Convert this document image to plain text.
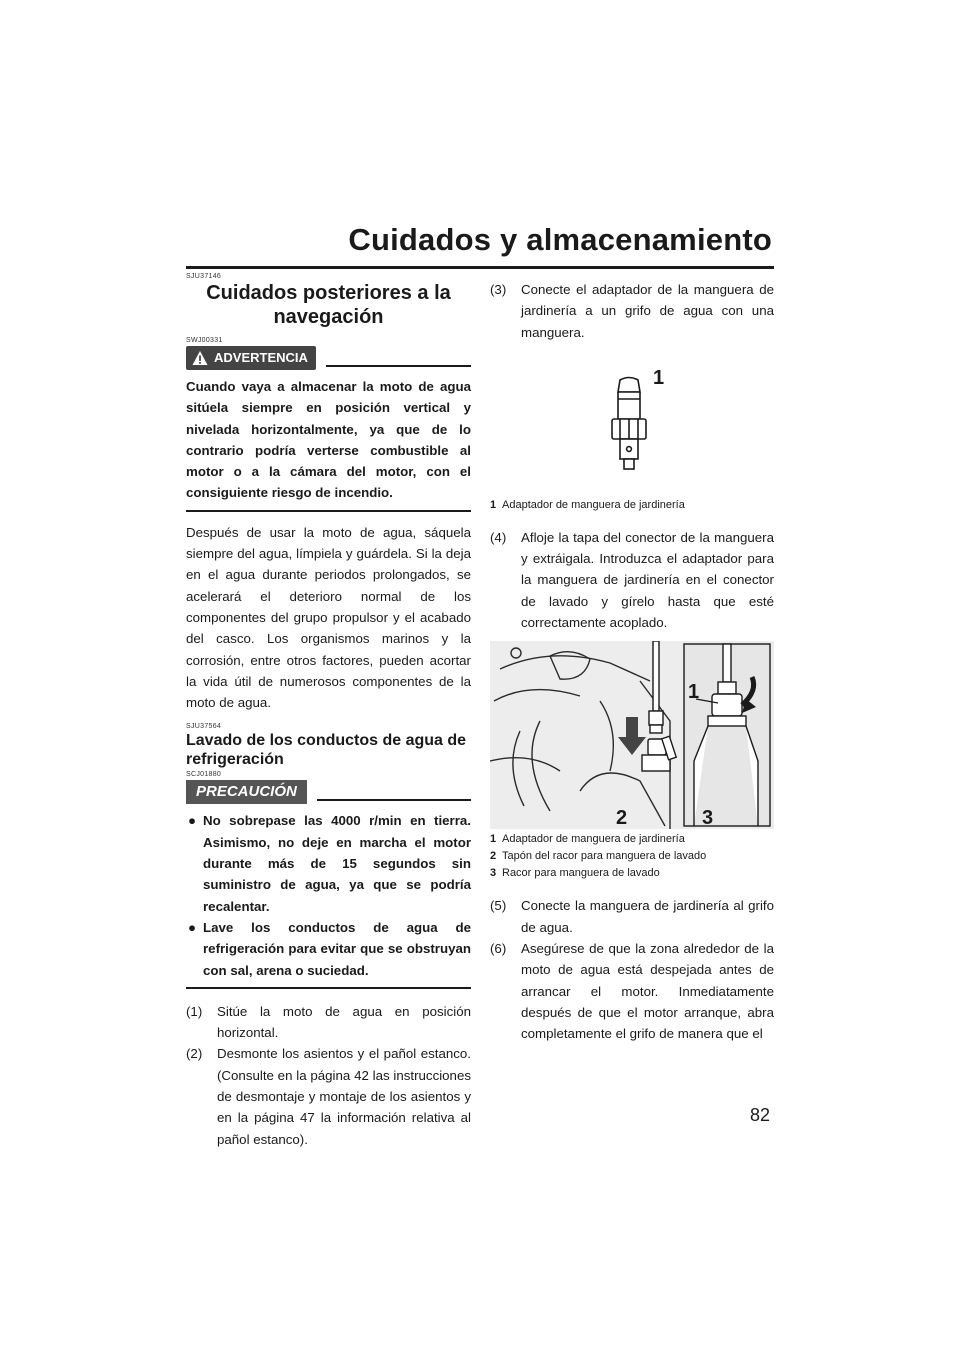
Cuidados y almacenamiento
SJU37146
Cuidados posteriores a la
navegación
SWJ00331
ADVERTENCIA

Cuando vaya a almacenar la moto de agua sitúela siempre en posición vertical y nivelada horizontalmente, ya que de lo contrario podría verterse combustible al motor o a la cámara del motor, con el consiguiente riesgo de incendio.

Después de usar la moto de agua, sáquela siempre del agua, límpiela y guárdela. Si la deja en el agua durante periodos prolongados, se acelerará el deterioro normal de los componentes del grupo propulsor y el acabado del casco. Los organismos marinos y la corrosión, entre otros factores, pueden acortar la vida útil de numerosos componentes de la moto de agua.

SJU37564
Lavado de los conductos de agua de refrigeración
SCJ01880
PRECAUCIÓN

● No sobrepase las 4000 r/min en tierra. Asimismo, no deje en marcha el motor durante más de 15 segundos sin suministro de agua, ya que se podría recalentar.

● Lave los conductos de agua de refrigeración para evitar que se obstruyan con sal, arena o suciedad.

(1) Sitúe la moto de agua en posición horizontal.

(2) Desmonte los asientos y el pañol estanco. (Consulte en la página 42 las instrucciones de desmontaje y montaje de los asientos y en la página 47 la información relativa al pañol estanco).

(3) Conecte el adaptador de la manguera de jardinería a un grifo de agua con una manguera.

1
1 Adaptador de manguera de jardinería

(4) Afloje la tapa del conector de la manguera y extráigala. Introduzca el adaptador para la manguera de jardinería en el conector de lavado y gírelo hasta que esté correctamente acoplado.

1
2	3
1 Adaptador de manguera de jardinería
2 Tapón del racor para manguera de lavado
3 Racor para manguera de lavado

(5) Conecte la manguera de jardinería al grifo de agua.

(6) Asegúrese de que la zona alrededor de la moto de agua está despejada antes de arrancar el motor. Inmediatamente después de que el motor arranque, abra completamente el grifo de manera que el

82
